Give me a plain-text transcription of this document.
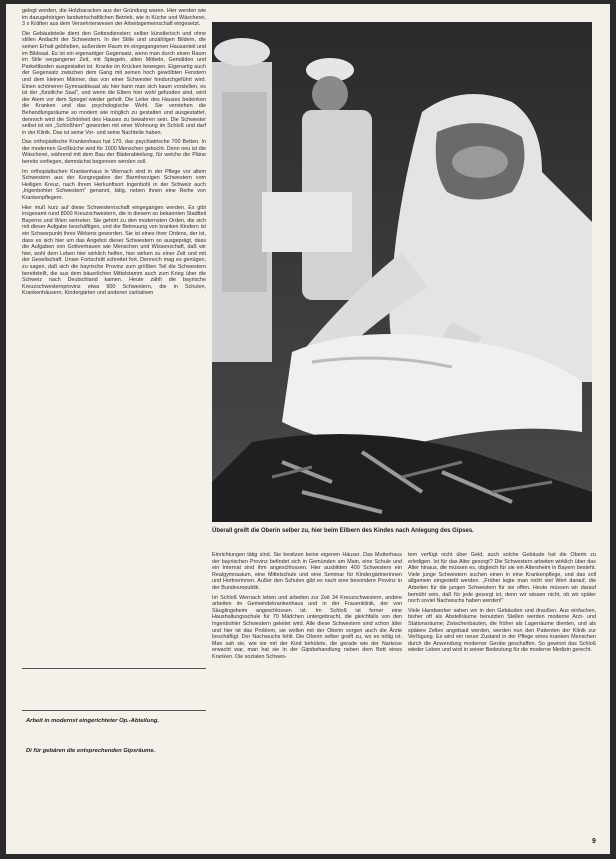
gelegt worden, die Holzbaracken aus der Gründung waren. Hier werden wie im dazugehörigen landwirtschaftlichen Betrieb, wie in Küche und Wäscherei, 3 x Kräften aus dem Versehrtenwesen der Arbeitsgemeinschaft eingesetzt.

Die Gebäudeteile dient den Gottesdiensten; selber künstlerisch und ohne stillen Andacht der Schwestern. In der Stille und unzähligen Bildern, die seinen Erhalt geblieben, außerdem Raum im eingegangenen Hausanteil und im Bildsaal. Es ist ein eigenartiger Gegensatz, wenn man durch einen Raum im Stile vergangener Zeit, mit Spiegeln, alten Möbeln, Gemälden und Parkettboden ausgestattet ist. Kranke im Krücken bewegen. Eigenartig auch der Gegensatz zwischen dem Gang mit seinen hoch gewölbten Fenstern und dem kleinen Männer, das von einer Schwester hindurchgeführt wird. Einen schöneren Gymnastiksaal als hier kann man sich kaum vorstellen, es ist der „fürstliche Saal", und wenn die Eltern hier wohl gefunden sind, wird der Atem vor dem Spiegel wieder geholt. Die Leiter des Hauses bedenken die Kranken und das psychologische Wohl. Sie verstehen die Behandlungsräume so modern wie möglich zu gestalten und ausgestattet, dennoch wird die Schönheit des Hauses zu bewahren sein. Die Schwester selbst ist ein „Schloßherr" geworden mit einer Wohnung im Schloß und darf in der Klinik. Das ist seine Vor- und seine Nachteile haben.

Das orthopädische Krankenhaus hat 170, das psychiatrische 700 Betten. In der modernen Großküche wird für 1000 Menschen gekocht. Denn neu ist die Wäscherei, während mit dem Bau der Bäderabteilung, für welche die Pläne bereits vorliegen, demnächst begonnen werden soll.

Im orthopädischen Krankenhaus in Wernach sind in der Pflege vor allem Schwestern aus der Kongregation der Barmherzigen Schwestern vom Heiligen Kreuz, nach ihrem Herkunftsort Ingenbohl in der Schweiz auch „Ingenbohler Schwestern" genannt, tätig, neben ihnen eine Reihe von Krankenpflegern.

Hier muß kurz auf diese Schwesternschaft eingegangen werden. Es gibt insgesamt rund 8000 Kreuzschwestern, die in diesem so bekannten Stadtteil Bayerns und Wien vertreten. Sie gehört zu den modernsten Orden, die sich mit dieser Aufgabe beschäftigen, und die Betreuung von kranken Kindern ist ein Schwerpunkt ihres Wirkens geworden. Sie ist eines ihrer Ordens, der ist, dass es sich hier um das Angebot dieser Schwestern so ausgeprägt, dass die Aufgaben von Gottvertrauen wie Menschen und Wissenschaft, daß wir hier, wohl dem Leben hier wirklich helfen, hier wirken zu einer Zeit und mit der Gesellschaft. Unser Fortschritt schreitet fort. Dennoch mag es genügen, zu sagen, daß sich die bayrische Provinz zum größten Teil die Schwestern bereitstellt, die aus dem bäuerlichen Mittelstamm auch zum Krieg über die Schweiz nach Deutschland kamen. Heute zählt die bayrische Kreuzschwesternprovinz etwa 900 Schwestern, die in Schulen, Krankenhäusern, Kindergärten und anderen caritativen

Überall greift die Oberin selber zu, hier beim Eilbern des Kindes nach Anlegung des Gipses.
Arbeit in modernst eingerichteter Op.-Abteilung.
Di für gebären die entsprechenden Gipsräume.

Einrichtungen tätig sind. Sie besitzen keine eigenen Häuser. Das Mutterhaus der bayrischen Provinz befindet sich in Gemünden am Main, eine Schule und ein Internat sind ihm angeschlossen. Hier ausbilden 400 Schwestern ein Realgymnasium, eine Mittelschule und eine Seminar für Kindergärtnerinnen und Hortnerinnen. Außer den Schulen gibt es nach eine besondere Provinz in der Bundesrepublik.

Im Schloß Wernach leben und arbeiten zur Zeit 34 Kreuzschwestern, andere arbeiten im Gemeindekrankenhaus und in der Frauenklinik, der von Säuglingsheim angeschlossen ist. Im Schloß ist ferner eine Haushaltungsschule für 70 Mädchen untergebracht, die gleichfalls von den Ingenbohler Schwestern geleitet wird. Alle diese Schwestern sind schon älter und hier ist das Problem, sie wollen mit der Oberin sorgen auch die Ärzte beschäftigt. Der Nachwuchs fehlt. Die Oberin selber greift zu, wo es nötig ist. Man sah sie, wie sie mit der Kind behütete, die gerade wie der Narkose erwacht war, man hat sie in der Gipsbehandlung neben dem Bett eines Kranken. Die sozialen Schwes-

tern verfügt nicht über Geld, auch solche Gebäude hat die Oberin zu erledigen. Ist für das Alter gesorgt? Die Schwestern arbeiten wirklich über das Alter hinaus, die müssen es, obgleich für sie ein Altersheim in Bayern besteht. Viele junge Schwestern suchen einen in eine Krankenpflege, und das soll allgemein eingestellt werden. „Früher legte man nicht viel Wert darauf, die Arbeiten für die jungen Schwestern für sie offen. Heute müssen wir darauf bemüht sein, daß für jede gesorgt ist, denn wir wissen nicht, ob wir später noch soviel Nachwuchs haben werden!"

Viele Handwerker sahen wir in den Gebäuden und draußen. Aus einfachen, bisher oft als Abstellräume benutzten Stellen werden moderne Arzt- und Stationsräume; Zwischenbauten, die früher als Lagerräume dienten, und als spätere Zellen angebaut werden, werden nun den Patienten der Klinik zur Verfügung. Es wird ein neuer Zustand in der Pflege eines kranken Menschen durch die Anwendung moderner Geräte geschaffen. So gewinnt das Schloß wieder Leben und wird in seiner Bedeutung für die moderne Medizin gerecht.

9
